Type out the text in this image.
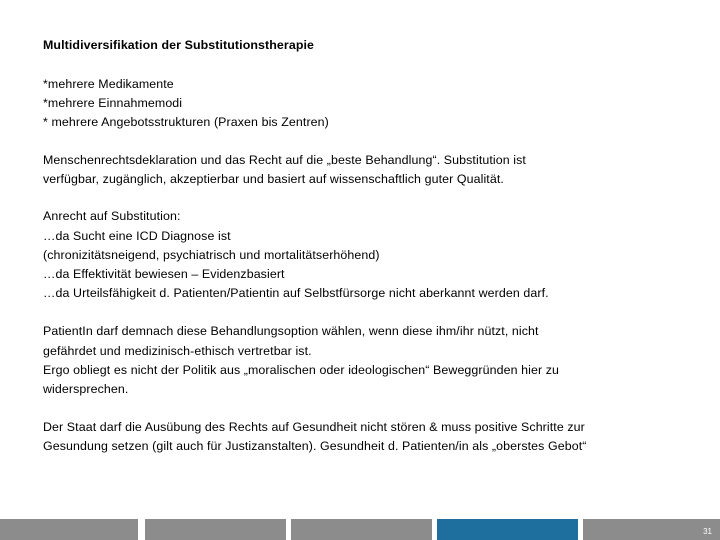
Multidiversifikation der Substitutionstherapie

*mehrere Medikamente
*mehrere Einnahmemodi
* mehrere Angebotsstrukturen (Praxen bis Zentren)
Menschenrechtsdeklaration und das Recht auf die „beste Behandlung“. Substitution ist
verfügbar, zugänglich, akzeptierbar und basiert auf wissenschaftlich guter Qualität.
Anrecht auf Substitution:
…da Sucht eine ICD Diagnose ist
(chronizitätsneigend, psychiatrisch und mortalitätserhöhend)
…da Effektivität bewiesen – Evidenzbasiert
…da Urteilsfähigkeit d. Patienten/Patientin auf Selbstfürsorge nicht aberkannt werden darf.
PatientIn darf demnach diese Behandlungsoption wählen, wenn diese ihm/ihr nützt, nicht
gefährdet und medizinisch-ethisch vertretbar ist.
Ergo obliegt es nicht der Politik aus „moralischen oder ideologischen“ Beweggründen hier zu
widersprechen.
Der Staat darf die Ausübung des Rechts auf Gesundheit nicht stören & muss positive Schritte zur
Gesundung setzen (gilt auch für Justizanstalten). Gesundheit d. Patienten/in als „oberstes Gebot“
31
